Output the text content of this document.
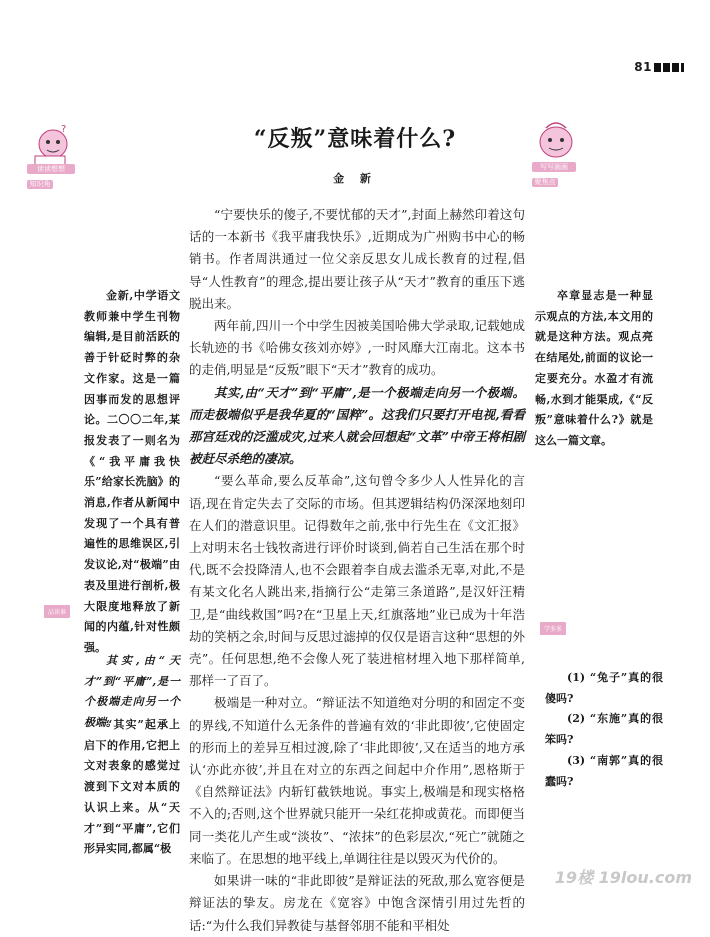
81
?
读读想想
知识角
写写画画
聚焦点
“反叛”意味着什么?
金 新

“宁要快乐的傻子,不要忧郁的天才”,封面上赫然印着这句话的一本新书《我平庸我快乐》,近期成为广州购书中心的畅销书。作者周洪通过一位父亲反思女儿成长教育的过程,倡导“人性教育”的理念,提出要让孩子从“天才”教育的重压下逃脱出来。

两年前,四川一个中学生因被美国哈佛大学录取,记载她成长轨迹的书《哈佛女孩刘亦婷》,一时风靡大江南北。这本书的走俏,明显是“反叛”眼下“天才”教育的成功。

其实,由“天才”到“平庸”,是一个极端走向另一个极端。而走极端似乎是我华夏的“国粹”。这我们只要打开电视,看看那宫廷戏的泛滥成灾,过来人就会回想起“文革”中帝王将相剧被赶尽杀绝的凄凉。

“要么革命,要么反革命”,这句曾令多少人人性异化的言语,现在肯定失去了交际的市场。但其逻辑结构仍深深地刻印在人们的潜意识里。记得数年之前,张中行先生在《文汇报》上对明末名士钱牧斋进行评价时谈到,倘若自己生活在那个时代,既不会投降清人,也不会跟着李自成去滥杀无辜,对此,不是有某文化名人跳出来,指摘行公“走第三条道路”,是汉奸汪精卫,是“曲线救国”吗?在“卫星上天,红旗落地”业已成为十年浩劫的笑柄之余,时间与反思过滤掉的仅仅是语言这种“思想的外壳”。任何思想,绝不会像人死了装进棺材埋入地下那样简单,那样一了百了。

极端是一种对立。“辩证法不知道绝对分明的和固定不变的界线,不知道什么无条件的普遍有效的‘非此即彼’,它使固定的形而上的差异互相过渡,除了‘非此即彼’,又在适当的地方承认‘亦此亦彼’,并且在对立的东西之间起中介作用”,恩格斯于《自然辩证法》内斩钉截铁地说。事实上,极端是和现实格格不入的;否则,这个世界就只能开一朵红花抑或黄花。而即便当同一类花儿产生或“淡妆”、“浓抹”的色彩层次,“死亡”就随之来临了。在思想的地平线上,单调往往是以毁灭为代价的。

如果讲一味的“非此即彼”是辩证法的死敌,那么宽容便是辩证法的挚友。房龙在《宽容》中饱含深情引用过先哲的话:“为什么我们异教徒与基督邻朋不能和平相处

金新,中学语文教师兼中学生刊物编辑,是目前活跃的善于针砭时弊的杂文作家。这是一篇因事而发的思想评论。二〇〇二年,某报发表了一则名为《“我平庸我快乐”给家长洗脑》的消息,作者从新闻中发现了一个具有普遍性的思维误区,引发议论,对“极端”由表及里进行剖析,极大限度地释放了新闻的内蕴,针对性颇强。

品读谁

其实,由“天才”到“平庸”,是一个极端走向另一个极端。

“其实”起承上启下的作用,它把上文对表象的感觉过渡到下文对本质的认识上来。从“天才”到“平庸”,它们形异实同,都属“极

卒章显志是一种显示观点的方法,本文用的就是这种方法。观点亮在结尾处,前面的议论一定要充分。水盈才有流畅,水到才能渠成,《“反叛”意味着什么?》就是这么一篇文章。

学多多

(1) “兔子”真的很傻吗?

(2) “东施”真的很笨吗?

(3) “南郭”真的很蠢吗?

19楼 19lou.com
